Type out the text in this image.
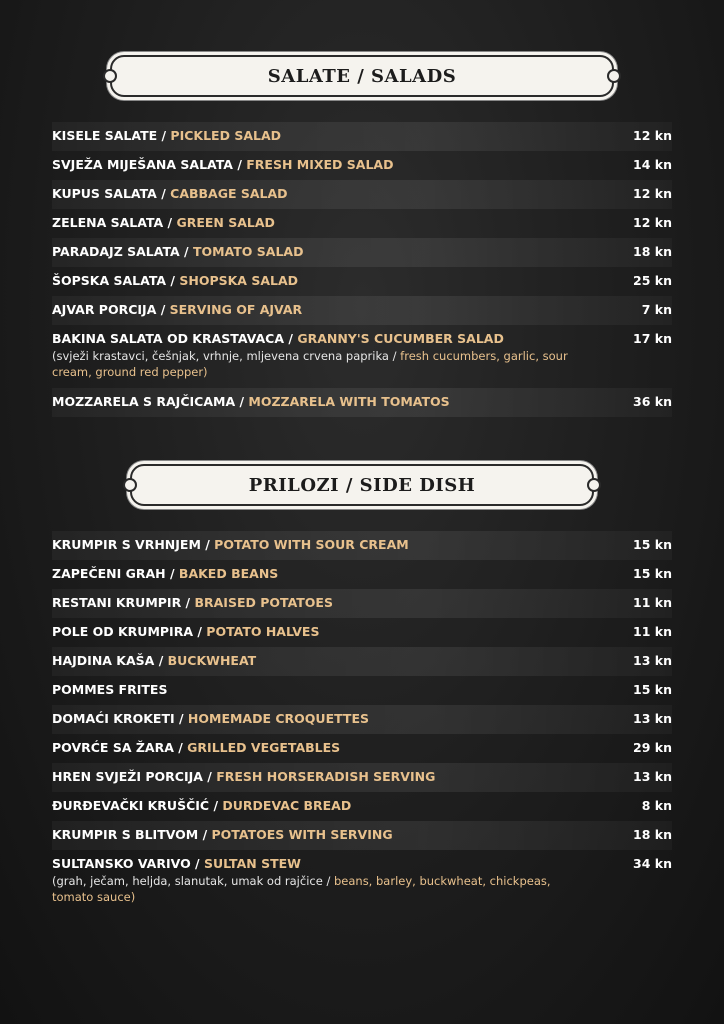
SALATE / SALADS
KISELE SALATE / PICKLED SALAD	12 kn
SVJEŽA MIJEŠANA SALATA / FRESH MIXED SALAD	14 kn
KUPUS SALATA / CABBAGE SALAD	12 kn
ZELENA SALATA / GREEN SALAD	12 kn
PARADAJZ SALATA / TOMATO SALAD	18 kn
ŠOPSKA SALATA / SHOPSKA SALAD	25 kn
AJVAR PORCIJA / SERVING OF AJVAR	7 kn
BAKINA SALATA OD KRASTAVACA / GRANNY'S CUCUMBER SALAD	17 kn
(svježi krastavci, češnjak, vrhnje, mljevena crvena paprika / fresh cucumbers, garlic, sour cream, ground red pepper)
MOZZARELA S RAJČICAMA / MOZZARELA WITH TOMATOS	36 kn
PRILOZI / SIDE DISH
KRUMPIR S VRHNJEM / POTATO WITH SOUR CREAM	15 kn
ZAPEČENI GRAH / BAKED BEANS	15 kn
RESTANI KRUMPIR / BRAISED POTATOES	11 kn
POLE OD KRUMPIRA / POTATO HALVES	11 kn
HAJDINA KAŠA / BUCKWHEAT	13 kn
POMMES FRITES	15 kn
DOMAĆI KROKETI / HOMEMADE CROQUETTES	13 kn
POVRĆE SA ŽARA / GRILLED VEGETABLES	29 kn
HREN SVJEŽI PORCIJA / FRESH HORSERADISH SERVING	13 kn
ĐURĐEVAČKI KRUŠČIĆ / DURDEVAC BREAD	8 kn
KRUMPIR S BLITVOM / POTATOES WITH SERVING	18 kn
SULTANSKO VARIVO / SULTAN STEW	34 kn
(grah, ječam, heljda, slanutak, umak od rajčice / beans, barley, buckwheat, chickpeas, tomato sauce)
